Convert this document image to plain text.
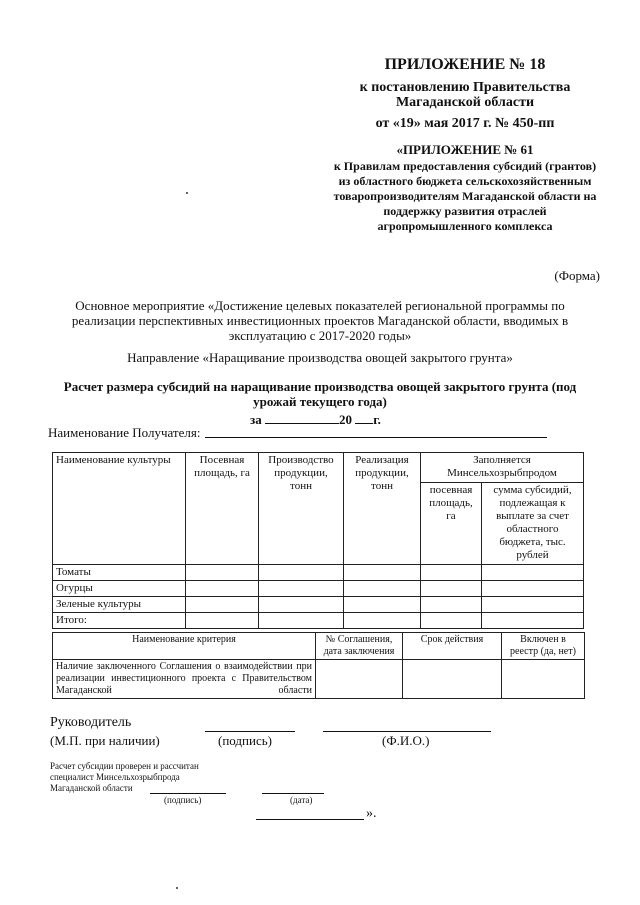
ПРИЛОЖЕНИЕ № 18
к постановлению Правительства Магаданской области
от «19» мая 2017 г. № 450-пп
«ПРИЛОЖЕНИЕ № 61
к Правилам предоставления субсидий (грантов) из областного бюджета сельскохозяйственным товаропроизводителям Магаданской области на поддержку развития отраслей агропромышленного комплекса
(Форма)
Основное мероприятие «Достижение целевых показателей региональной программы по реализации перспективных инвестиционных проектов Магаданской области, вводимых в эксплуатацию с 2017-2020 годы»
Направление «Наращивание производства овощей закрытого грунта»
Расчет размера субсидий на наращивание производства овощей закрытого грунта (под урожай текущего года)
за	20 г.
Наименование Получателя:
Наименование культуры	Посевная площадь, га	Производство продукции, тонн	Реализация продукции, тонн	Заполняется Минсельхозрыбпродом	
				посевная площадь, га	сумма субсидий, подлежащая к выплате за счет областного бюджета, тыс. рублей
Томаты					
Огурцы					
Зеленые культуры					
Итого:					
Наименование критерия	№ Соглашения, дата заключения	Срок действия	Включен в реестр (да, нет)
Наличие заключенного Соглашения о взаимодействии при реализации инвестиционного проекта с Правительством Магаданской области			
Руководитель
(М.П. при наличии)	(подпись)	(Ф.И.О.)
Расчет субсидии проверен и рассчитан специалист Минсельхозрыбпрода Магаданской области
(подпись)	(дата)
».
